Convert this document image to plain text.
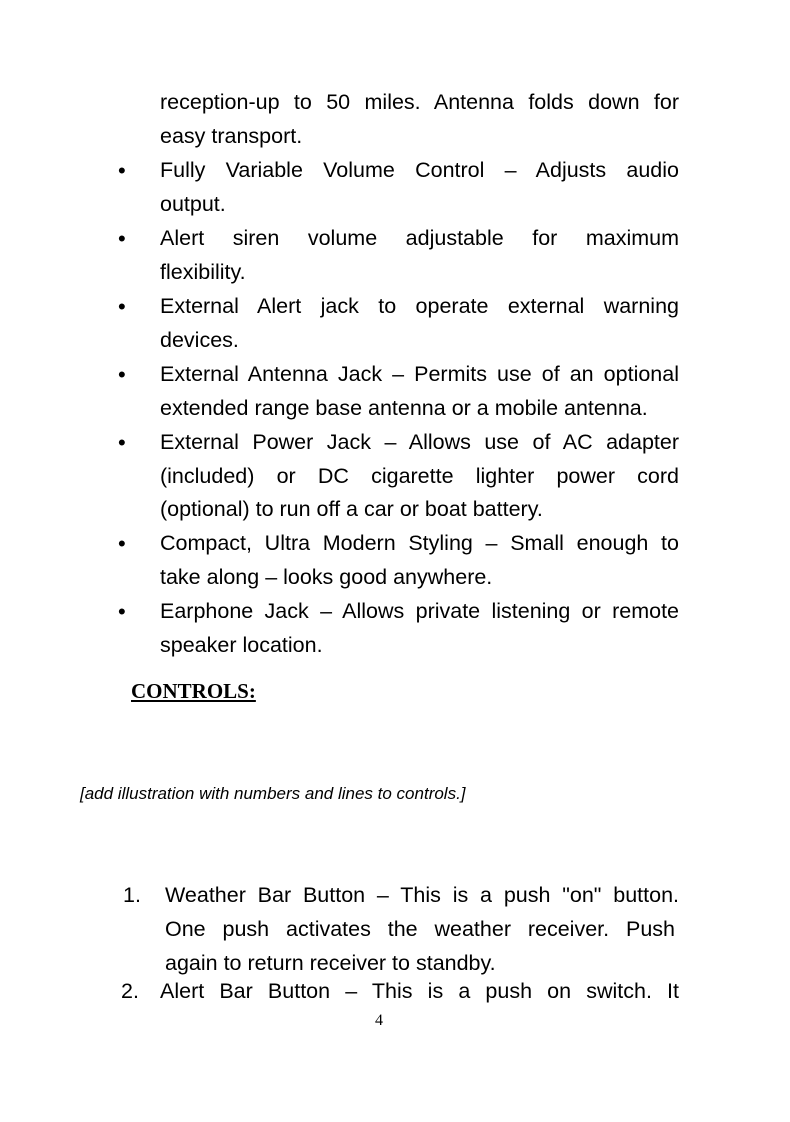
reception-up to 50 miles. Antenna folds down for
easy transport.
•
Fully Variable Volume Control – Adjusts audio
output.
•
Alert siren volume adjustable for maximum
flexibility.
•
External Alert jack to operate external warning
devices.
•
External Antenna Jack – Permits use of an optional
extended range base antenna or a mobile antenna.
•
External Power Jack – Allows use of AC adapter
(included) or DC cigarette lighter power cord
(optional) to run off a car or boat battery.
•
Compact, Ultra Modern Styling – Small enough to
take along – looks good anywhere.
•
Earphone Jack – Allows private listening or remote
speaker location.
CONTROLS:
[add illustration with numbers and lines to controls.]
1. Weather Bar Button – This is a push "on" button.
One push activates the weather receiver. Push
again to return receiver to standby.
2. Alert Bar Button – This is a push on switch. It
4
